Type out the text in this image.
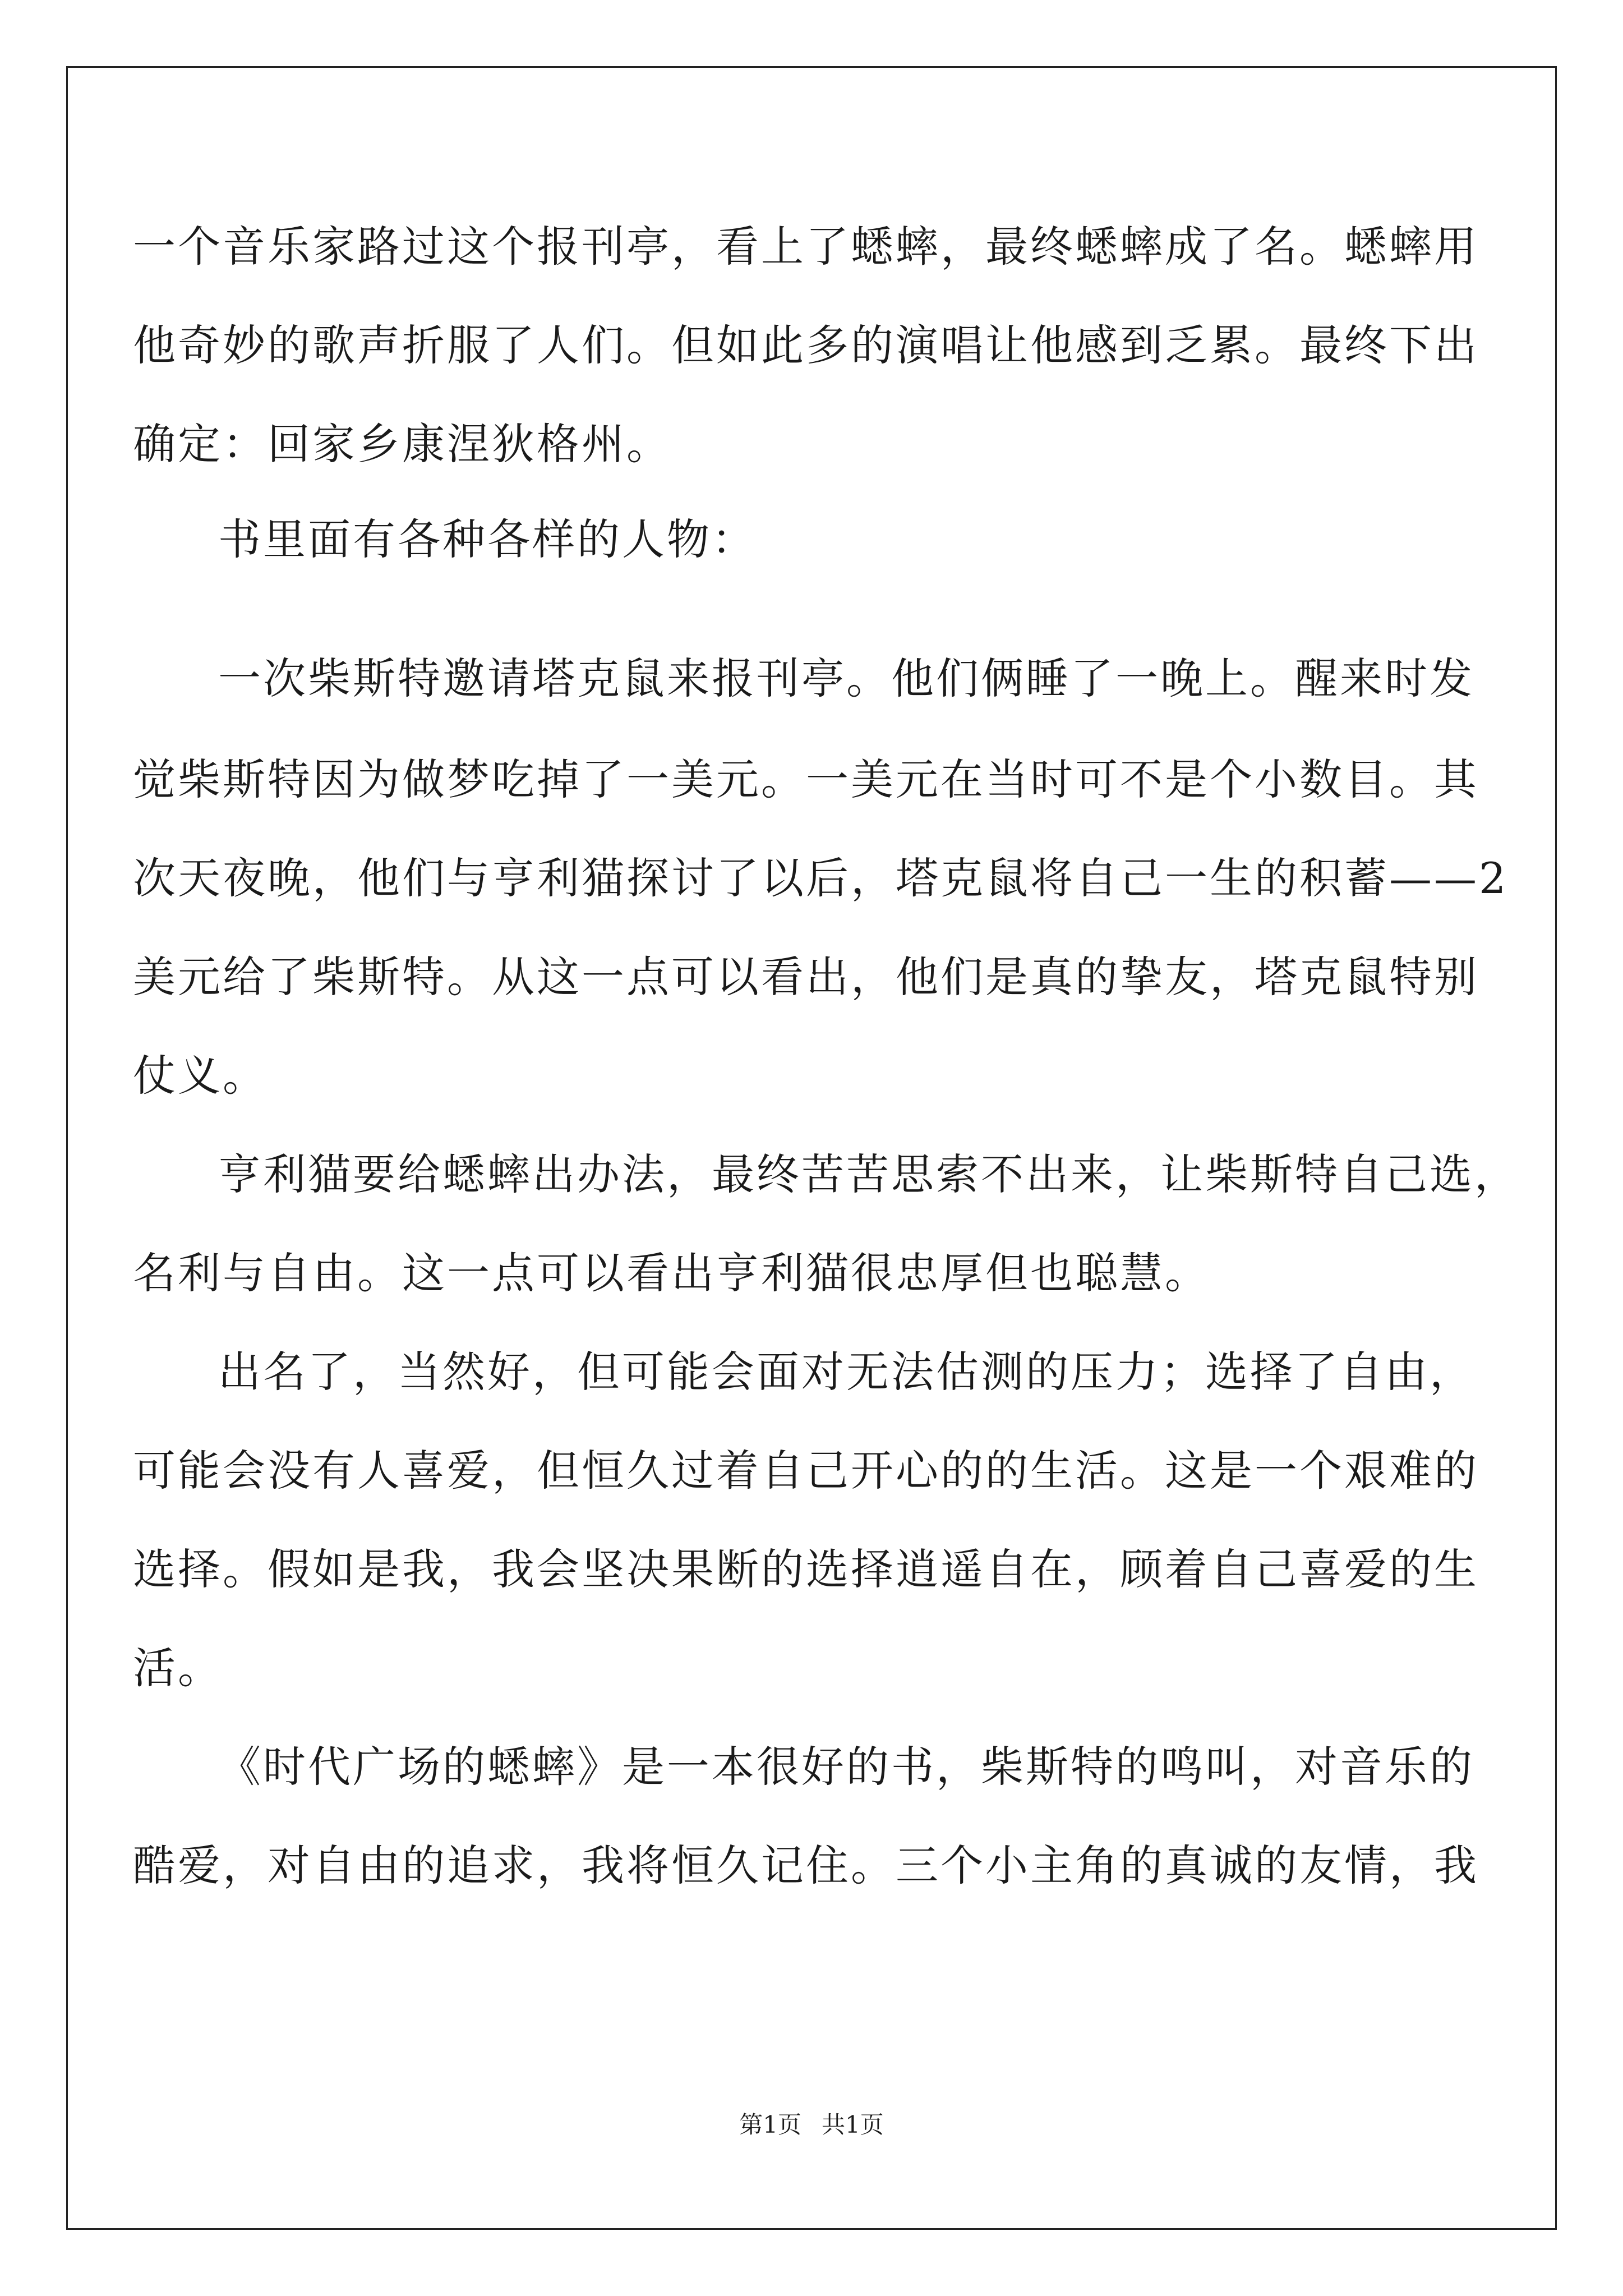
一个音乐家路过这个报刊亭，看上了蟋蟀，最终蟋蟀成了名。蟋蟀用
他奇妙的歌声折服了人们。但如此多的演唱让他感到乏累。最终下出
确定：回家乡康涅狄格州。
书里面有各种各样的人物：
一次柴斯特邀请塔克鼠来报刊亭。他们俩睡了一晚上。醒来时发
觉柴斯特因为做梦吃掉了一美元。一美元在当时可不是个小数目。其
次天夜晚，他们与亨利猫探讨了以后，塔克鼠将自己一生的积蓄——2
美元给了柴斯特。从这一点可以看出，他们是真的挚友，塔克鼠特别
仗义。
亨利猫要给蟋蟀出办法，最终苦苦思索不出来，让柴斯特自己选，
名利与自由。这一点可以看出亨利猫很忠厚但也聪慧。
出名了，当然好，但可能会面对无法估测的压力；选择了自由，
可能会没有人喜爱，但恒久过着自己开心的的生活。这是一个艰难的
选择。假如是我，我会坚决果断的选择逍遥自在，顾着自己喜爱的生
活。
《时代广场的蟋蟀》是一本很好的书，柴斯特的鸣叫，对音乐的
酷爱，对自由的追求，我将恒久记住。三个小主角的真诚的友情，我
第1页 共1页
